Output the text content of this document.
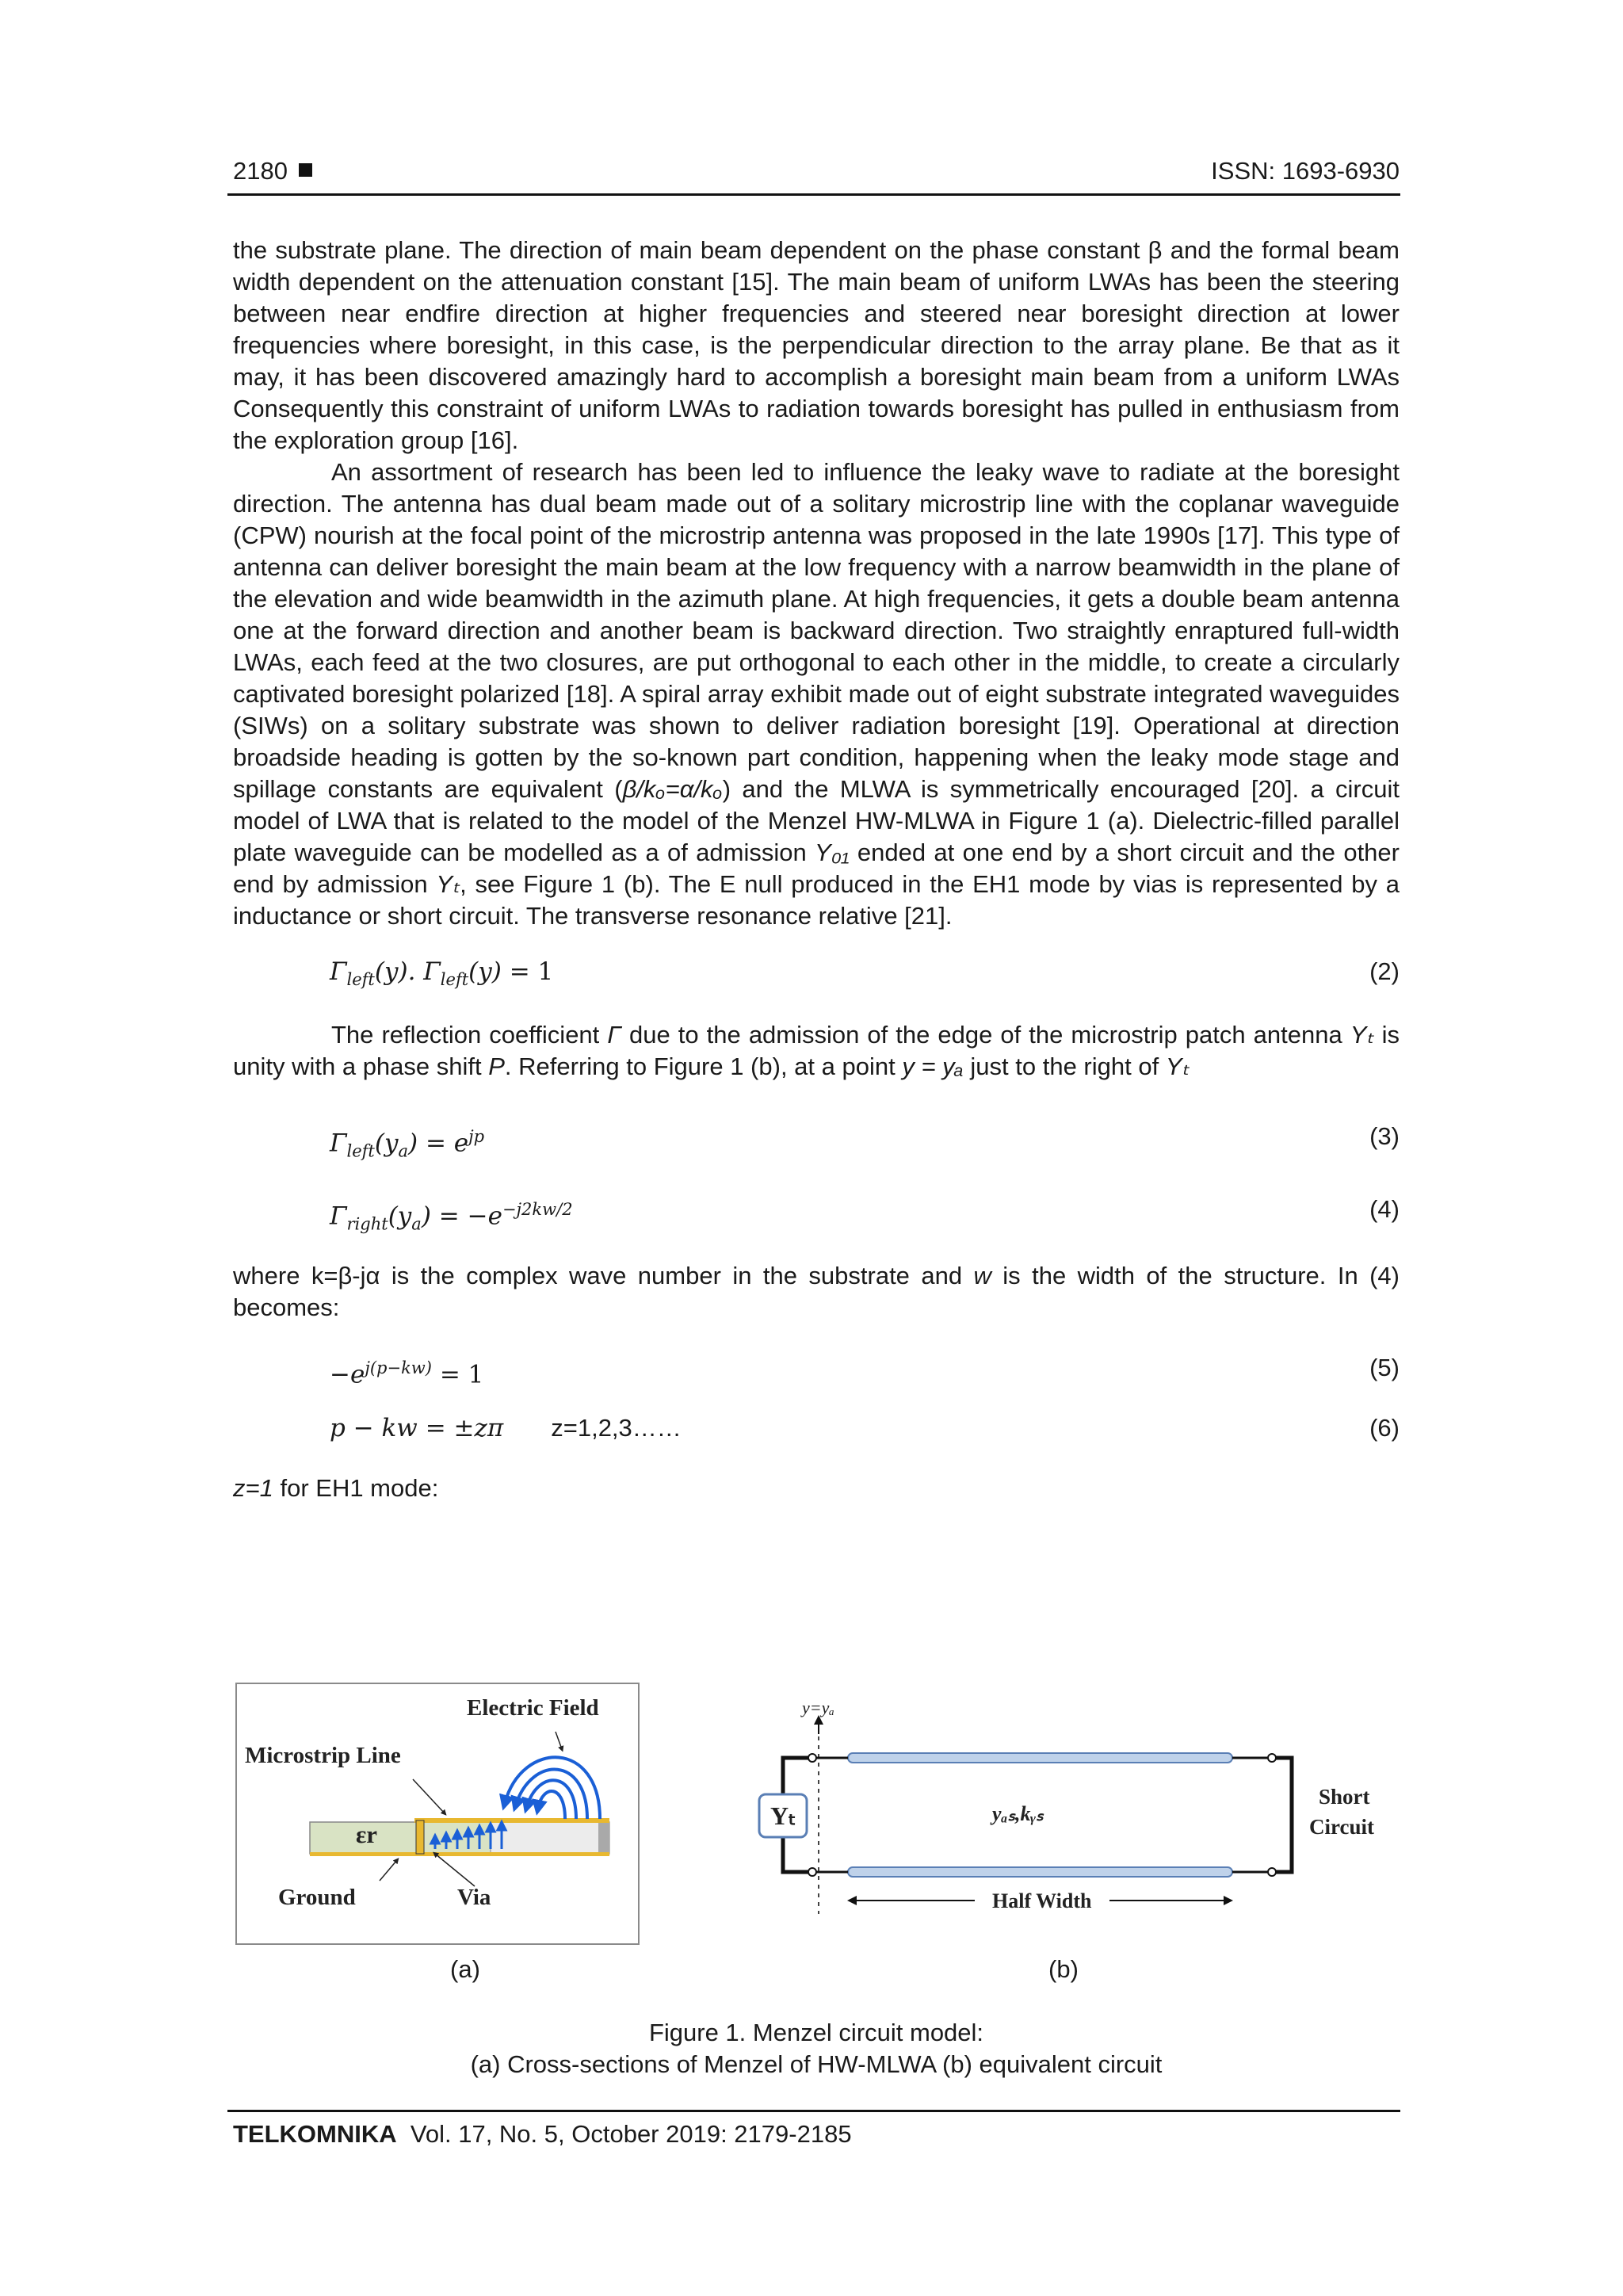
2180	ISSN: 1693-6930

the substrate plane. The direction of main beam dependent on the phase constant β and the formal beam width dependent on the attenuation constant [15]. The main beam of uniform LWAs has been the steering between near endfire direction at higher frequencies and steered near boresight direction at lower frequencies where boresight, in this case, is the perpendicular direction to the array plane. Be that as it may, it has been discovered amazingly hard to accomplish a boresight main beam from a uniform LWAs Consequently this constraint of uniform LWAs to radiation towards boresight has pulled in enthusiasm from the exploration group [16].

An assortment of research has been led to influence the leaky wave to radiate at the boresight direction. The antenna has dual beam made out of a solitary microstrip line with the coplanar waveguide (CPW) nourish at the focal point of the microstrip antenna was proposed in the late 1990s [17]. This type of antenna can deliver boresight the main beam at the low frequency with a narrow beamwidth in the plane of the elevation and wide beamwidth in the azimuth plane. At high frequencies, it gets a double beam antenna one at the forward direction and another beam is backward direction. Two straightly enraptured full-width LWAs, each feed at the two closures, are put orthogonal to each other in the middle, to create a circularly captivated boresight polarized [18]. A spiral array exhibit made out of eight substrate integrated waveguides (SIWs) on a solitary substrate was shown to deliver radiation boresight [19]. Operational at direction broadside heading is gotten by the so-known part condition, happening when the leaky mode stage and spillage constants are equivalent (β/kₒ=α/kₒ) and the MLWA is symmetrically encouraged [20]. a circuit model of LWA that is related to the model of the Menzel HW-MLWA in Figure 1 (a). Dielectric-filled parallel plate waveguide can be modelled as a of admission Y₀₁ ended at one end by a short circuit and the other end by admission Yₜ, see Figure 1 (b). The E null produced in the EH1 mode by vias is represented by a inductance or short circuit. The transverse resonance relative [21].

$\Gamma_{left}(y)$. $\Gamma_{left}(y) = 1$	(2)

The reflection coefficient Γ due to the admission of the edge of the microstrip patch antenna Yₜ is unity with a phase shift P. Referring to Figure 1 (b), at a point y = yₐ just to the right of Yₜ

$\Gamma_{left}(y_a) = e^{jp}$	(3)
$\Gamma_{right}(y_a) = -e^{-j2kw/2}$	(4)

where k=β-jα is the complex wave number in the substrate and w is the width of the structure. In (4) becomes:

$-e^{j(p-kw)} = 1$	(5)
p − kw = ±zπ z=1,2,3……	(6)

z=1 for EH1 mode:

Electric Field
Microstrip Line
εr
Ground	Via
(a)
y=yₐ
Yₜ	yₐₛ,kᵧₛ
Short
Circuit
Half Width
(b)
Figure 1. Menzel circuit model:
(a) Cross-sections of Menzel of HW-MLWA (b) equivalent circuit
TELKOMNIKA Vol. 17, No. 5, October 2019: 2179-2185
